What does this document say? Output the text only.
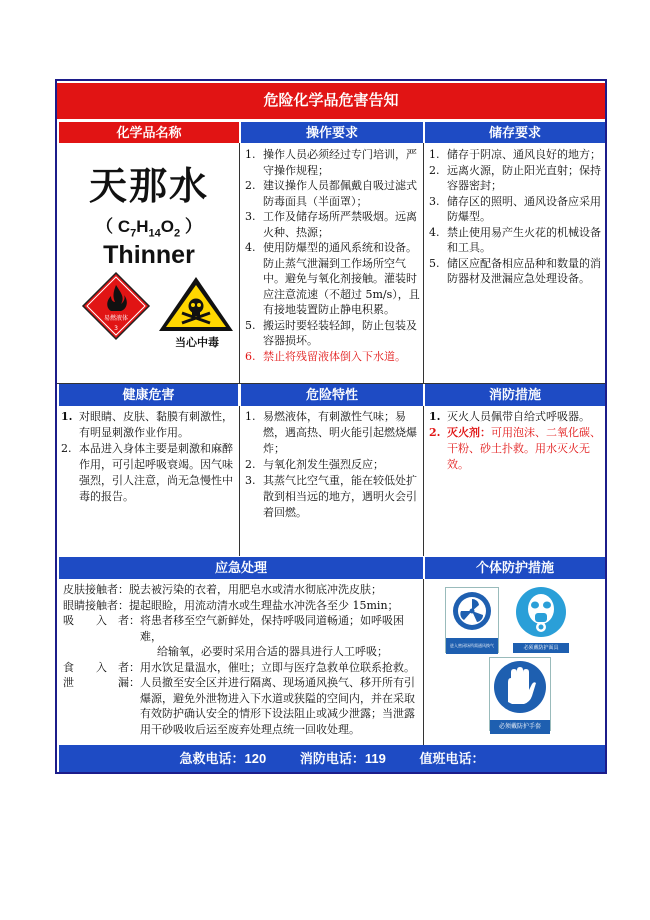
危险化学品危害告知
化学品名称	操作要求	储存要求
天那水
（ $C_7H_{14}O_2$ ）
Thinner
易燃液体
3
当心中毒
1. 操作人员必须经过专门培训，严守操作规程；
2. 建议操作人员都佩戴自吸过滤式防毒面具（半面罩）；
3. 工作及储存场所严禁吸烟。远离火种、热源；
4. 使用防爆型的通风系统和设备。防止蒸气泄漏到工作场所空气中。避免与氧化剂接触。灌装时应注意流速（不超过 5m/s），且有接地装置防止静电积累。
5. 搬运时要轻装轻卸，防止包装及容器损坏。
6. 禁止将残留液体倒入下水道。
1. 储存于阴凉、通风良好的地方；
2. 远离火源，防止阳光直射；保持容器密封；
3. 储存区的照明、通风设备应采用防爆型。
4. 禁止使用易产生火花的机械设备和工具。
5. 储区应配备相应品种和数量的消防器材及泄漏应急处理设备。
健康危害	危险特性	消防措施
1. 对眼睛、皮肤、黏膜有刺激性，有明显刺激作业作用。
2. 本品进入身体主要是刺激和麻醉作用，可引起呼吸衰竭。因气味强烈，引人注意，尚无急慢性中毒的报告。
1. 易燃液体，有刺激性气味；易燃，遇高热、明火能引起燃烧爆炸；
2. 与氧化剂发生强烈反应；
3. 其蒸气比空气重，能在较低处扩散到相当远的地方，遇明火会引着回燃。
1. 灭火人员佩带自给式呼吸器。
2. 灭火剂：可用泡沫、二氧化碳、干粉、砂土扑救。用水灭火无效。
应急处理	个体防护措施
皮肤接触者： 脱去被污染的衣着，用肥皂水或清水彻底冲洗皮肤；
眼睛接触者： 提起眼睑，用流动清水或生理盐水冲洗各至少 15min；
吸　　入　者： 将患者移至空气新鲜处，保持呼吸同道畅通；如呼吸困难，
给输氧，必要时采用合适的器具进行人工呼吸；
食　　入　者： 用水饮足量温水，催吐；立即与医疗急救单位联系抢救。
泄　　　　漏： 人员撤至安全区并进行隔离、现场通风换气、移开所有引爆源，避免外泄物进入下水道或狭隘的空间内，并在采取有效防护确认安全的情形下设法阻止或减少泄露；当泄露用干砂吸收后运至废弃处理点统一回收处理。
进入密闭场所需通风换气	必须戴防护面具
必须戴防护手套
急救电话：120	消防电话：119	值班电话：
